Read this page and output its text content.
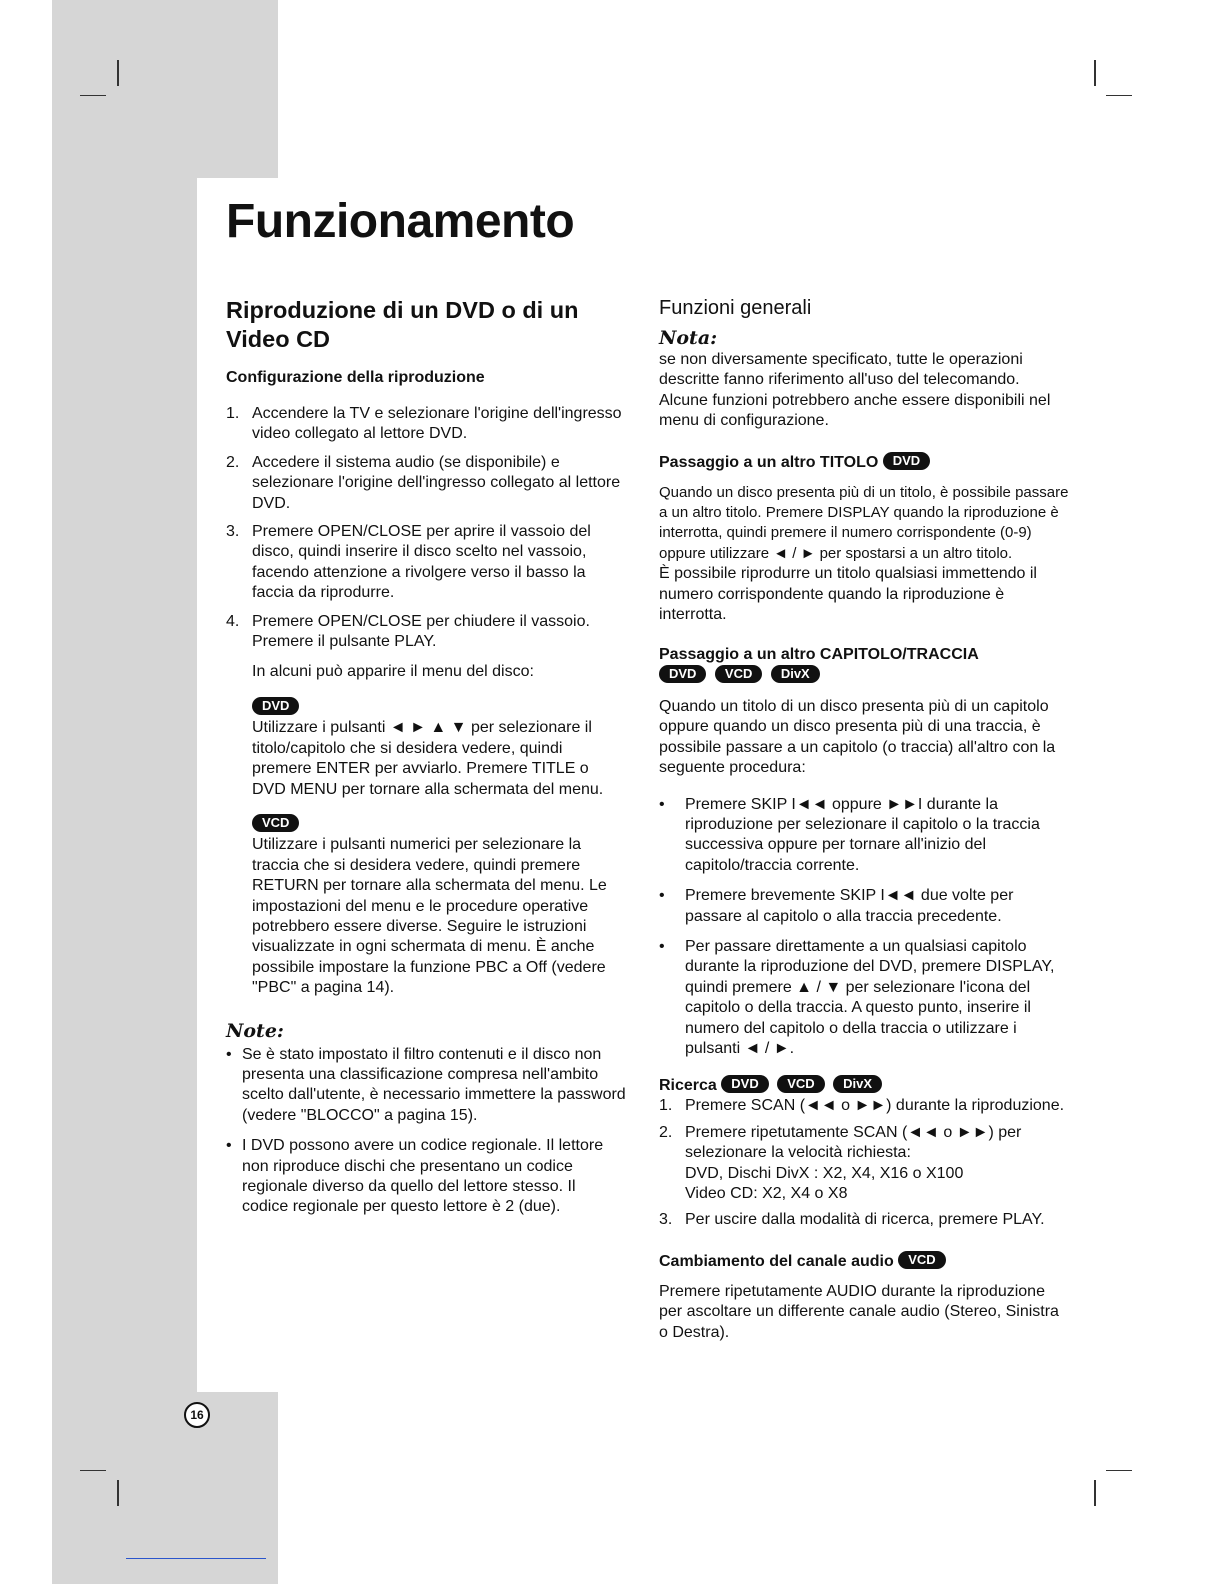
Funzionamento
Riproduzione di un DVD o di un Video CD
Configurazione della riproduzione
1. Accendere la TV e selezionare l'origine dell'ingresso video collegato al lettore DVD.
2. Accedere il sistema audio (se disponibile) e selezionare l'origine dell'ingresso collegato al lettore DVD.
3. Premere OPEN/CLOSE per aprire il vassoio del disco, quindi inserire il disco scelto nel vassoio, facendo attenzione a rivolgere verso il basso la faccia da riprodurre.
4. Premere OPEN/CLOSE per chiudere il vassoio. Premere il pulsante PLAY.

In alcuni può apparire il menu del disco:

DVD

Utilizzare i pulsanti ◄ ► ▲ ▼ per selezionare il titolo/capitolo che si desidera vedere, quindi premere ENTER per avviarlo. Premere TITLE o DVD MENU per tornare alla schermata del menu.

VCD

Utilizzare i pulsanti numerici per selezionare la traccia che si desidera vedere, quindi premere RETURN per tornare alla schermata del menu. Le impostazioni del menu e le procedure operative potrebbero essere diverse. Seguire le istruzioni visualizzate in ogni schermata di menu. È anche possibile impostare la funzione PBC a Off (vedere "PBC" a pagina 14).

Note:
• Se è stato impostato il filtro contenuti e il disco non presenta una classificazione compresa nell'ambito scelto dall'utente, è necessario immettere la password (vedere "BLOCCO" a pagina 15).
• I DVD possono avere un codice regionale. Il lettore non riproduce dischi che presentano un codice regionale diverso da quello del lettore stesso. Il codice regionale per questo lettore è 2 (due).
Funzioni generali
Nota:

se non diversamente specificato, tutte le operazioni descritte fanno riferimento all'uso del telecomando. Alcune funzioni potrebbero anche essere disponibili nel menu di configurazione.

Passaggio a un altro TITOLO DVD

Quando un disco presenta più di un titolo, è possibile passare a un altro titolo. Premere DISPLAY quando la riproduzione è interrotta, quindi premere il numero corrispondente (0-9) oppure utilizzare ◄ / ► per spostarsi a un altro titolo.

È possibile riprodurre un titolo qualsiasi immettendo il numero corrispondente quando la riproduzione è interrotta.

Passaggio a un altro CAPITOLO/TRACCIA
DVD VCD DivX

Quando un titolo di un disco presenta più di un capitolo oppure quando un disco presenta più di una traccia, è possibile passare a un capitolo (o traccia) all'altro con la seguente procedura:

• Premere SKIP I◄◄ oppure ►►I durante la riproduzione per selezionare il capitolo o la traccia successiva oppure per tornare all'inizio del capitolo/traccia corrente.
• Premere brevemente SKIP I◄◄ due volte per passare al capitolo o alla traccia precedente.
• Per passare direttamente a un qualsiasi capitolo durante la riproduzione del DVD, premere DISPLAY, quindi premere ▲ / ▼ per selezionare l'icona del capitolo o della traccia. A questo punto, inserire il numero del capitolo o della traccia o utilizzare i pulsanti ◄ / ►.
Ricerca DVD VCD DivX
1. Premere SCAN (◄◄ o ►►) durante la riproduzione.
2. Premere ripetutamente SCAN (◄◄ o ►►) per selezionare la velocità richiesta:
DVD, Dischi DivX : X2, X4, X16 o X100
Video CD: X2, X4 o X8
3. Per uscire dalla modalità di ricerca, premere PLAY.
Cambiamento del canale audio VCD

Premere ripetutamente AUDIO durante la riproduzione per ascoltare un differente canale audio (Stereo, Sinistra o Destra).

16
